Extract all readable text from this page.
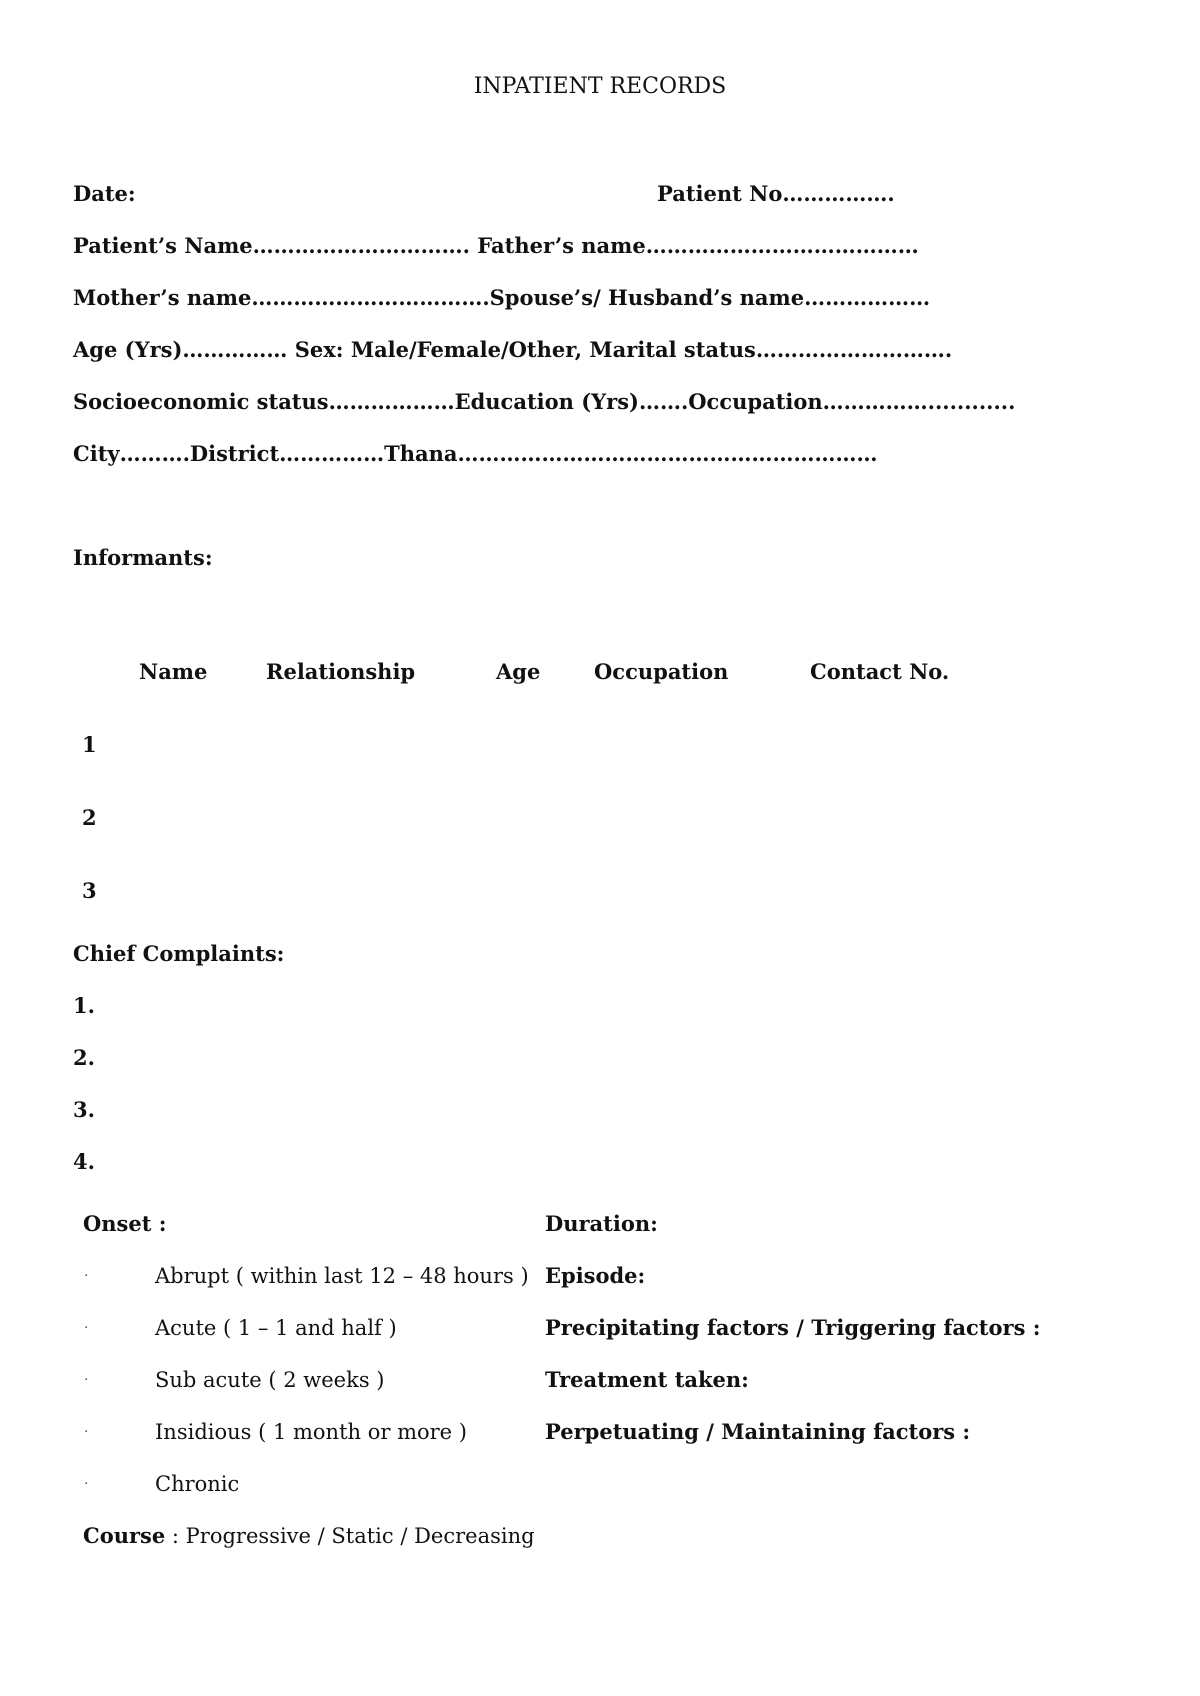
INPATIENT RECORDS
Date:	Patient No…………….
Patient’s Name…………………………. Father’s name…………………………………
Mother’s name…………………………….Spouse’s/ Husband’s name………………
Age (Yrs)…………… Sex: Male/Female/Other, Marital status……………………….
Socioeconomic status………………Education (Yrs)…….Occupation……………............
City……….District……………Thana……………………………………………………
Informants:
Name	Relationship	Age	Occupation	Contact No.
1
2
3
Chief Complaints:
1.
2.
3.
4.
Onset :
·	Abrupt ( within last 12 – 48 hours )
·	Acute ( 1 – 1 and half )
·	Sub acute ( 2 weeks )
·	Insidious ( 1 month or more )
·	Chronic
Duration:
Episode:
Precipitating factors / Triggering factors :
Treatment taken:
Perpetuating / Maintaining factors :
Course : Progressive / Static / Decreasing
